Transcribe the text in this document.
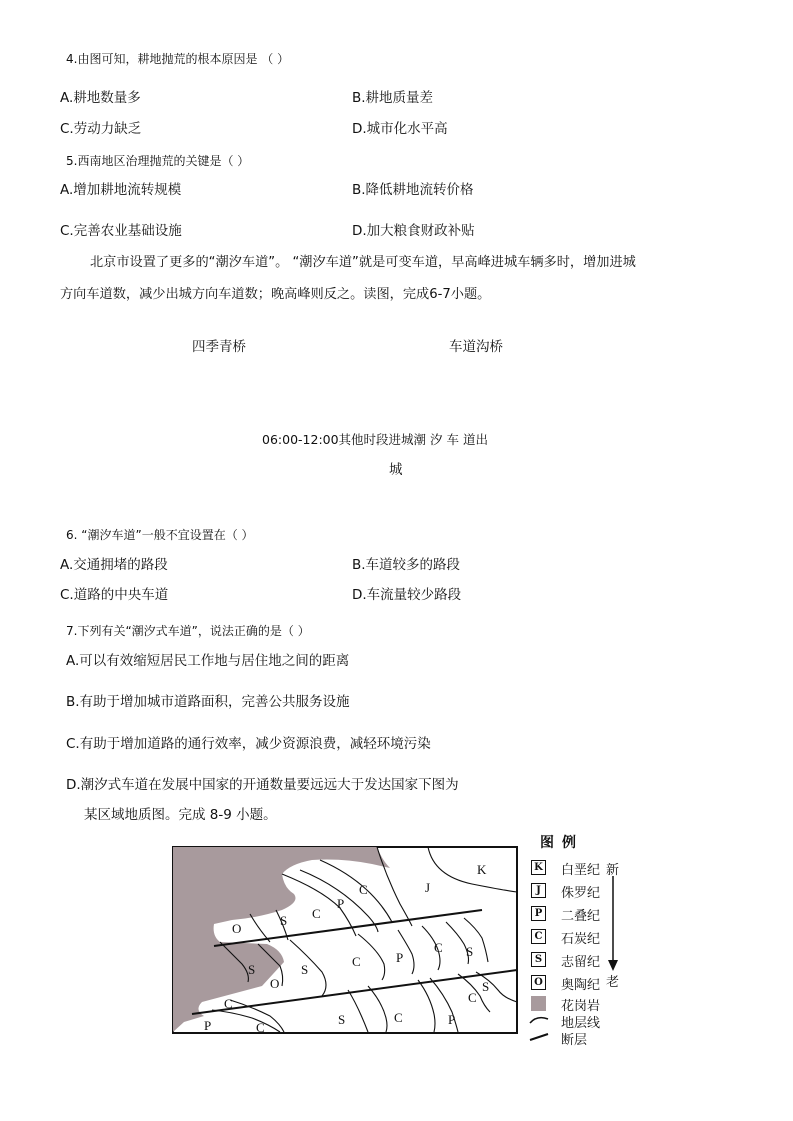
4.由图可知，耕地抛荒的根本原因是 （ ）
A.耕地数量多	B.耕地质量差
C.劳动力缺乏	D.城市化水平高
5.西南地区治理抛荒的关键是（ ）
A.增加耕地流转规模	B.降低耕地流转价格
C.完善农业基础设施	D.加大粮食财政补贴
北京市设置了更多的“潮汐车道”。 “潮汐车道”就是可变车道，早高峰进城车辆多时，增加进城
方向车道数，减少出城方向车道数；晚高峰则反之。读图，完成6-7小题。
四季青桥	车道沟桥
06:00-12:00其他时段进城潮 汐 车 道出
城
6. “潮汐车道”一般不宜设置在（ ）
A.交通拥堵的路段	B.车道较多的路段
C.道路的中央车道	D.车流量较少路段
7.下列有关“潮汐式车道”，说法正确的是（ ）
A.可以有效缩短居民工作地与居住地之间的距离
B.有助于增加城市道路面积，完善公共服务设施
C.有助于增加道路的通行效率，减少资源浪费，减轻环境污染
D.潮汐式车道在发展中国家的开通数量要远远大于发达国家下图为
某区域地质图。完成 8-9 小题。
K
J
C
P
C
S
O
S
C	P
C S
O
S
C
S
C
S	C	P
P	C
图例
K 白垩纪
J	侏罗纪
P 二叠纪
C 石炭纪
S 志留纪
O 奥陶纪
花岗岩
地层线
断层
新
老
